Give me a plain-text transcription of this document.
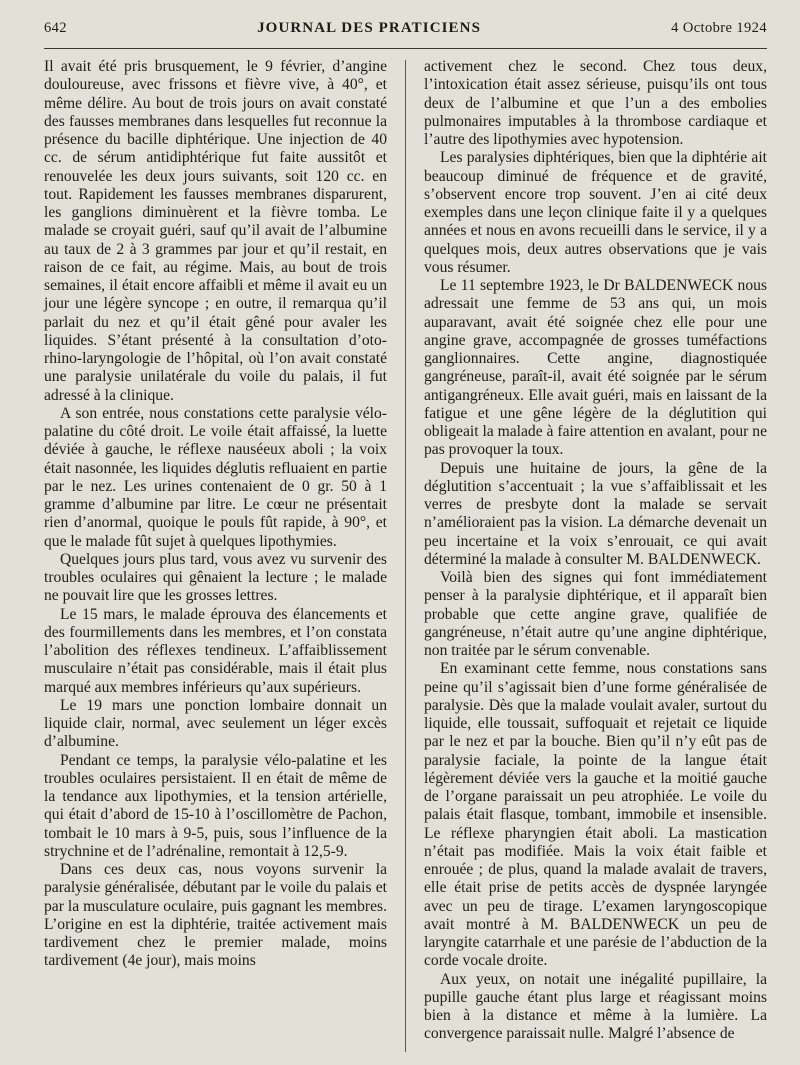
642	JOURNAL DES PRATICIENS	4 Octobre 1924

Il avait été pris brusquement, le 9 février, d’angine douloureuse, avec frissons et fièvre vive, à 40°, et même délire. Au bout de trois jours on avait constaté des fausses membranes dans lesquelles fut reconnue la présence du bacille diphtérique. Une injection de 40 cc. de sérum antidiphtérique fut faite aussitôt et renouvelée les deux jours suivants, soit 120 cc. en tout. Rapidement les fausses membranes disparurent, les ganglions diminuèrent et la fièvre tomba. Le malade se croyait guéri, sauf qu’il avait de l’albumine au taux de 2 à 3 grammes par jour et qu’il restait, en raison de ce fait, au régime. Mais, au bout de trois semaines, il était encore affaibli et même il avait eu un jour une légère syncope ; en outre, il remarqua qu’il parlait du nez et qu’il était gêné pour avaler les liquides. S’étant présenté à la consultation d’oto-rhino-laryngologie de l’hôpital, où l’on avait constaté une paralysie unilatérale du voile du palais, il fut adressé à la clinique.

A son entrée, nous constations cette paralysie vélo-palatine du côté droit. Le voile était affaissé, la luette déviée à gauche, le réflexe nauséeux aboli ; la voix était nasonnée, les liquides déglutis refluaient en partie par le nez. Les urines contenaient de 0 gr. 50 à 1 gramme d’albumine par litre. Le cœur ne présentait rien d’anormal, quoique le pouls fût rapide, à 90°, et que le malade fût sujet à quelques lipothymies.

Quelques jours plus tard, vous avez vu survenir des troubles oculaires qui gênaient la lecture ; le malade ne pouvait lire que les grosses lettres.

Le 15 mars, le malade éprouva des élancements et des fourmillements dans les membres, et l’on constata l’abolition des réflexes tendineux. L’affaiblissement musculaire n’était pas considérable, mais il était plus marqué aux membres inférieurs qu’aux supérieurs.

Le 19 mars une ponction lombaire donnait un liquide clair, normal, avec seulement un léger excès d’albumine.

Pendant ce temps, la paralysie vélo-palatine et les troubles oculaires persistaient. Il en était de même de la tendance aux lipothymies, et la tension artérielle, qui était d’abord de 15-10 à l’oscillomètre de Pachon, tombait le 10 mars à 9-5, puis, sous l’influence de la strychnine et de l’adrénaline, remontait à 12,5-9.

Dans ces deux cas, nous voyons survenir la paralysie généralisée, débutant par le voile du palais et par la musculature oculaire, puis gagnant les membres. L’origine en est la diphtérie, traitée activement mais tardivement chez le premier malade, moins tardivement (4e jour), mais moins

activement chez le second. Chez tous deux, l’intoxication était assez sérieuse, puisqu’ils ont tous deux de l’albumine et que l’un a des embolies pulmonaires imputables à la thrombose cardiaque et l’autre des lipothymies avec hypotension.

Les paralysies diphtériques, bien que la diphtérie ait beaucoup diminué de fréquence et de gravité, s’observent encore trop souvent. J’en ai cité deux exemples dans une leçon clinique faite il y a quelques années et nous en avons recueilli dans le service, il y a quelques mois, deux autres observations que je vais vous résumer.

Le 11 septembre 1923, le Dr BALDENWECK nous adressait une femme de 53 ans qui, un mois auparavant, avait été soignée chez elle pour une angine grave, accompagnée de grosses tuméfactions ganglionnaires. Cette angine, diagnostiquée gangréneuse, paraît-il, avait été soignée par le sérum antigangréneux. Elle avait guéri, mais en laissant de la fatigue et une gêne légère de la déglutition qui obligeait la malade à faire attention en avalant, pour ne pas provoquer la toux.

Depuis une huitaine de jours, la gêne de la déglutition s’accentuait ; la vue s’affaiblissait et les verres de presbyte dont la malade se servait n’amélioraient pas la vision. La démarche devenait un peu incertaine et la voix s’enrouait, ce qui avait déterminé la malade à consulter M. BALDENWECK.

Voilà bien des signes qui font immédiatement penser à la paralysie diphtérique, et il apparaît bien probable que cette angine grave, qualifiée de gangréneuse, n’était autre qu’une angine diphtérique, non traitée par le sérum convenable.

En examinant cette femme, nous constations sans peine qu’il s’agissait bien d’une forme généralisée de paralysie. Dès que la malade voulait avaler, surtout du liquide, elle toussait, suffoquait et rejetait ce liquide par le nez et par la bouche. Bien qu’il n’y eût pas de paralysie faciale, la pointe de la langue était légèrement déviée vers la gauche et la moitié gauche de l’organe paraissait un peu atrophiée. Le voile du palais était flasque, tombant, immobile et insensible. Le réflexe pharyngien était aboli. La mastication n’était pas modifiée. Mais la voix était faible et enrouée ; de plus, quand la malade avalait de travers, elle était prise de petits accès de dyspnée laryngée avec un peu de tirage. L’examen laryngoscopique avait montré à M. BALDENWECK un peu de laryngite catarrhale et une parésie de l’abduction de la corde vocale droite.

Aux yeux, on notait une inégalité pupillaire, la pupille gauche étant plus large et réagissant moins bien à la distance et même à la lumière. La convergence paraissait nulle. Malgré l’absence de
